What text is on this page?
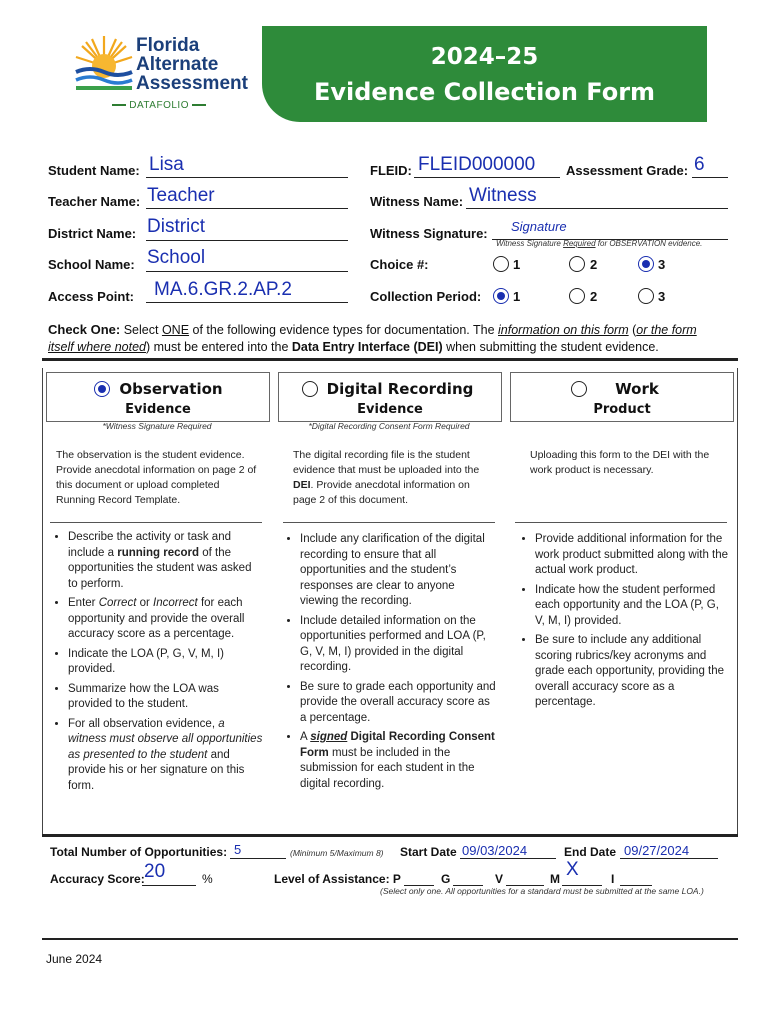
Florida
Alternate
Assessment
DATAFOLIO
2024–25
Evidence Collection Form
Student Name: Lisa
Teacher Name: Teacher
District Name: District
School Name: School
Access Point: MA.6.GR.2.AP.2
FLEID: FLEID000000 Assessment Grade: 6
Witness Name: Witness
Witness Signature: Signature
Witness Signature Required for OBSERVATION evidence.
Choice #:	1	2	3
Collection Period: 1	2	3
Check One: Select ONE of the following evidence types for documentation. The information on this form (or the form itself where noted) must be entered into the Data Entry Interface (DEI) when submitting the student evidence.
Observation
Evidence
*Witness Signature Required
The observation is the student evidence. Provide anecdotal information on page 2 of this document or upload completed Running Record Template.
• Describe the activity or task and include a running record of the opportunities the student was asked to perform.
• Enter Correct or Incorrect for each opportunity and provide the overall accuracy score as a percentage.
• Indicate the LOA (P, G, V, M, I) provided.
• Summarize how the LOA was provided to the student.
• For all observation evidence, a witness must observe all opportunities as presented to the student and provide his or her signature on this form.
Digital Recording
Evidence
*Digital Recording Consent Form Required
The digital recording file is the student evidence that must be uploaded into the DEI. Provide anecdotal information on page 2 of this document.
• Include any clarification of the digital recording to ensure that all opportunities and the student’s responses are clear to anyone viewing the recording.
• Include detailed information on the opportunities performed and LOA (P, G, V, M, I) provided in the digital recording.
• Be sure to grade each opportunity and provide the overall accuracy score as a percentage.
• A signed Digital Recording Consent Form must be included in the submission for each student in the digital recording.
Work
Product
Uploading this form to the DEI with the work product is necessary.
• Provide additional information for the work product submitted along with the actual work product.
• Indicate how the student performed each opportunity and the LOA (P, G, V, M, I) provided.
• Be sure to include any additional scoring rubrics/key acronyms and grade each opportunity, providing the overall accuracy score as a percentage.
Total Number of Opportunities: 5	(Minimum 5/Maximum 8) Start Date 09/03/2024	End Date 09/27/2024
Accuracy Score: 20	%	Level of Assistance: P	G	V	M X	I
(Select only one. All opportunities for a standard must be submitted at the same LOA.)
June 2024
